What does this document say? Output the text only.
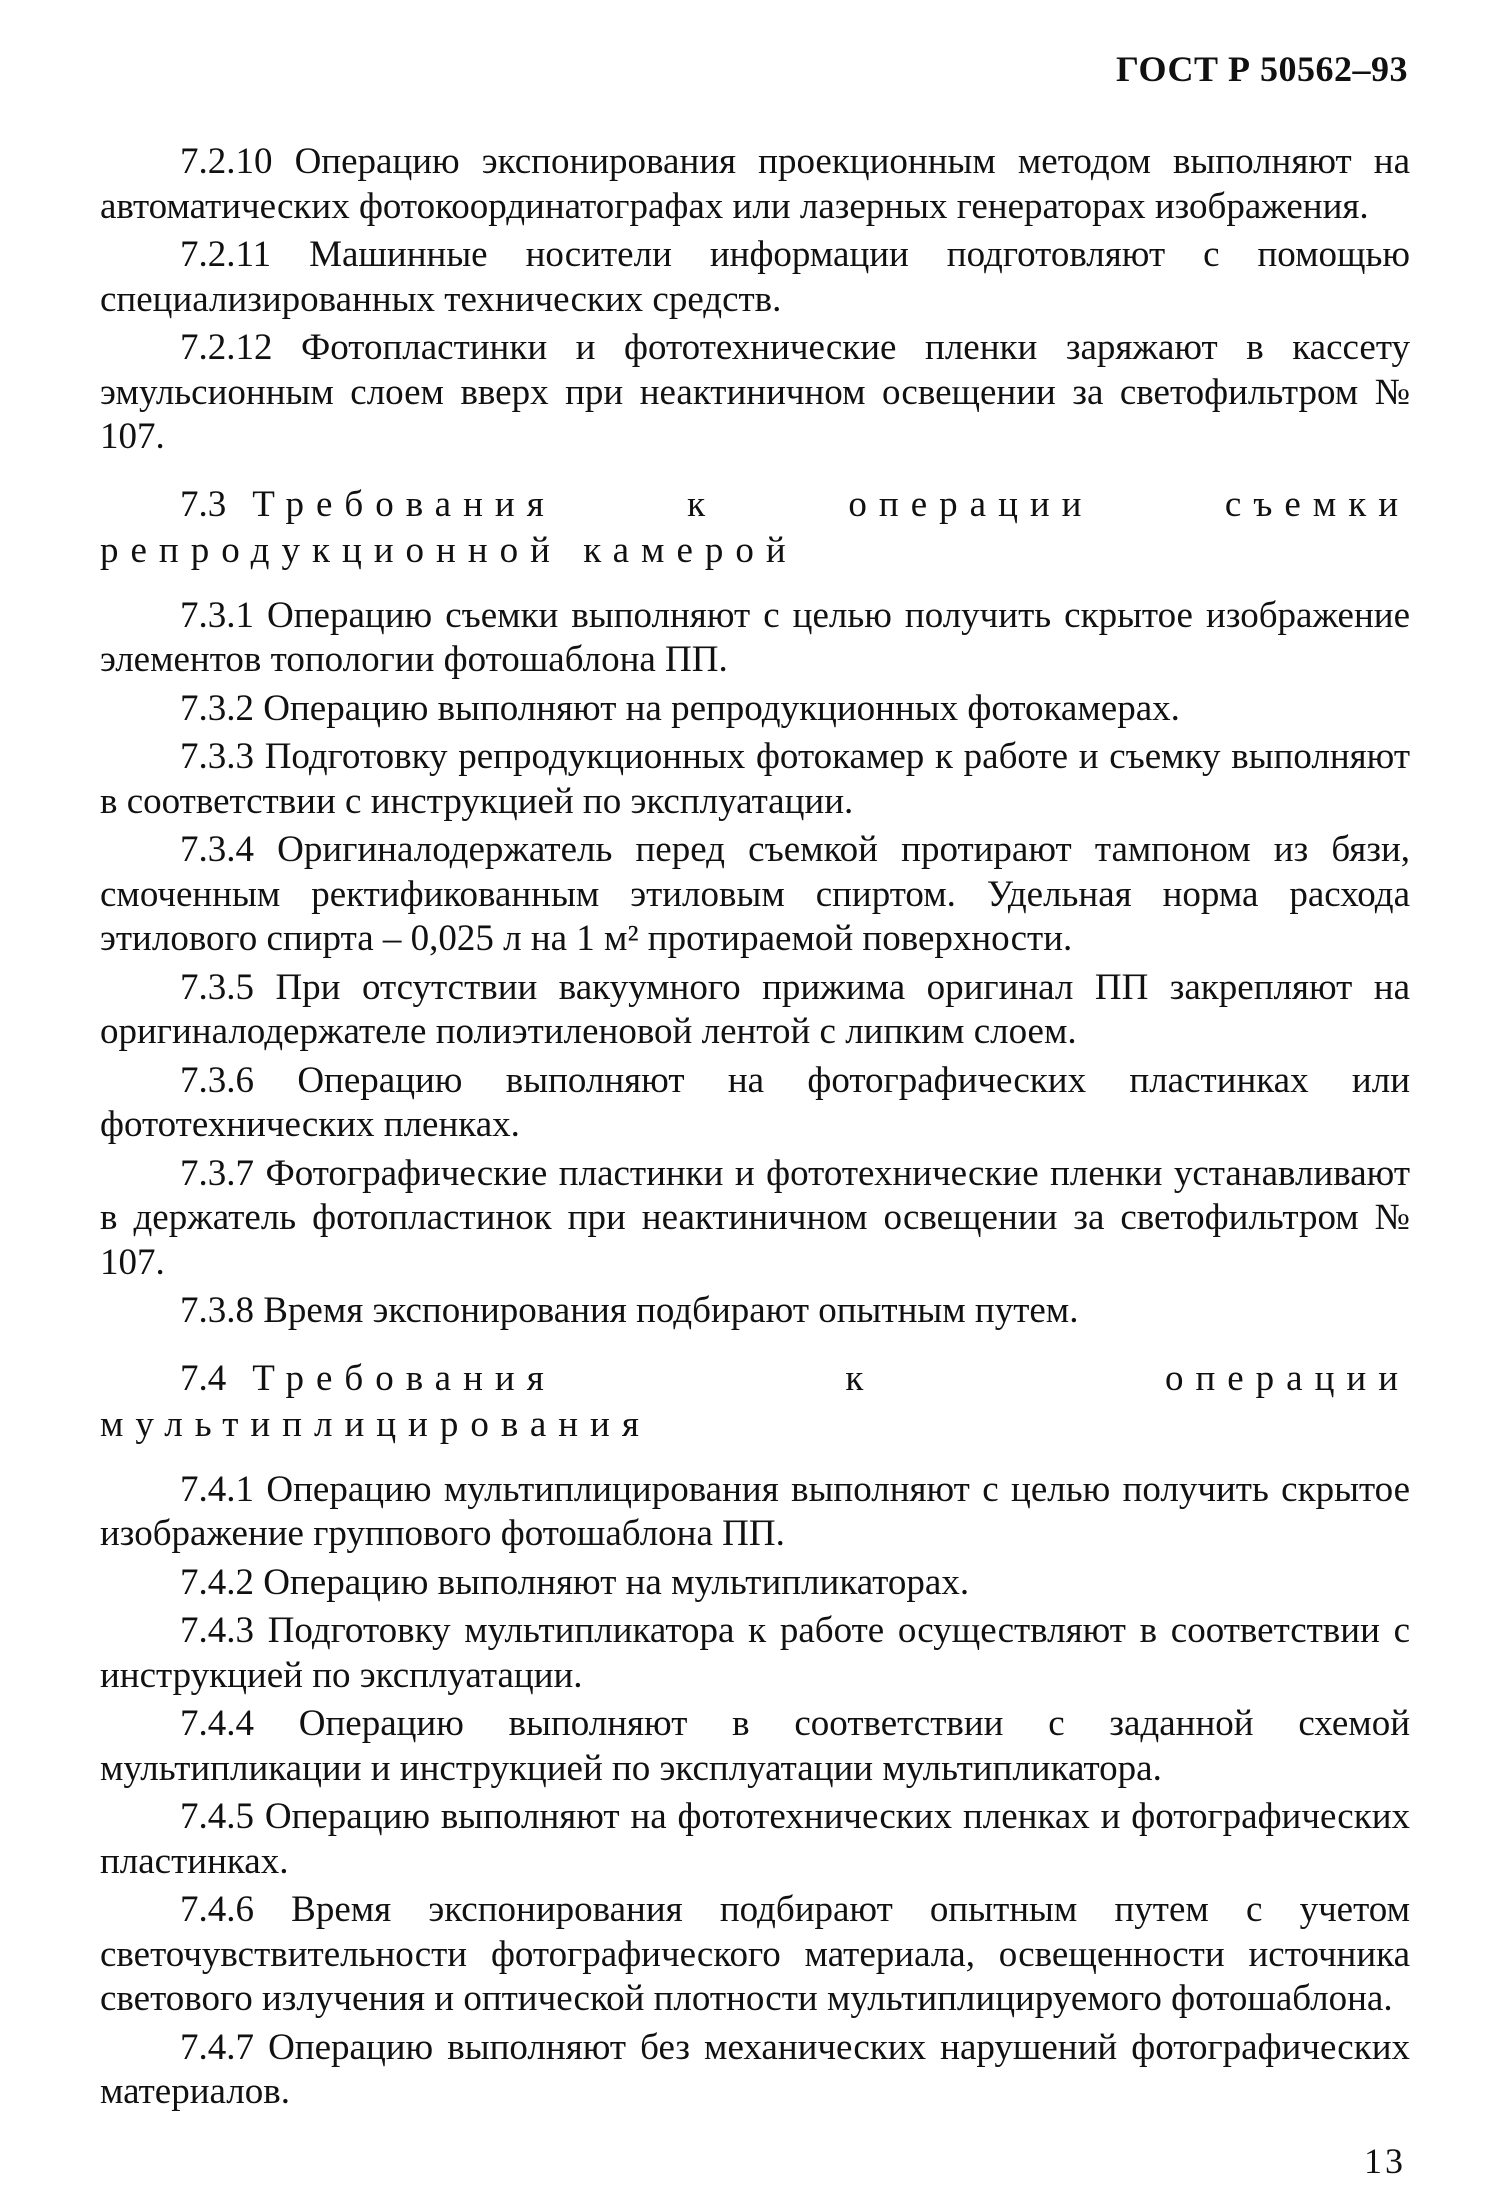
ГОСТ Р 50562–93

7.2.10 Операцию экспонирования проекционным методом выполняют на автоматических фотокоординатографах или лазерных генераторах изображения.

7.2.11 Машинные носители информации подготовляют с помощью специализированных технических средств.

7.2.12 Фотопластинки и фототехнические пленки заряжают в кассету эмульсионным слоем вверх при неактиничном освещении за светофильтром № 107.

7.3 Требования к операции съемки репродукционной камерой

7.3.1 Операцию съемки выполняют с целью получить скрытое изображение элементов топологии фотошаблона ПП.

7.3.2 Операцию выполняют на репродукционных фотокамерах.

7.3.3 Подготовку репродукционных фотокамер к работе и съемку выполняют в соответствии с инструкцией по эксплуатации.

7.3.4 Оригиналодержатель перед съемкой протирают тампоном из бязи, смоченным ректификованным этиловым спиртом. Удельная норма расхода этилового спирта – 0,025 л на 1 м² протираемой поверхности.

7.3.5 При отсутствии вакуумного прижима оригинал ПП закрепляют на оригиналодержателе полиэтиленовой лентой с липким слоем.

7.3.6 Операцию выполняют на фотографических пластинках или фототехнических пленках.

7.3.7 Фотографические пластинки и фототехнические пленки устанавливают в держатель фотопластинок при неактиничном освещении за светофильтром № 107.

7.3.8 Время экспонирования подбирают опытным путем.

7.4 Требования к операции мультиплицирования

7.4.1 Операцию мультиплицирования выполняют с целью получить скрытое изображение группового фотошаблона ПП.

7.4.2 Операцию выполняют на мультипликаторах.

7.4.3 Подготовку мультипликатора к работе осуществляют в соответствии с инструкцией по эксплуатации.

7.4.4 Операцию выполняют в соответствии с заданной схемой мультипликации и инструкцией по эксплуатации мультипликатора.

7.4.5 Операцию выполняют на фототехнических пленках и фотографических пластинках.

7.4.6 Время экспонирования подбирают опытным путем с учетом светочувствительности фотографического материала, освещенности источника светового излучения и оптической плотности мультиплицируемого фотошаблона.

7.4.7 Операцию выполняют без механических нарушений фотографических материалов.

13
